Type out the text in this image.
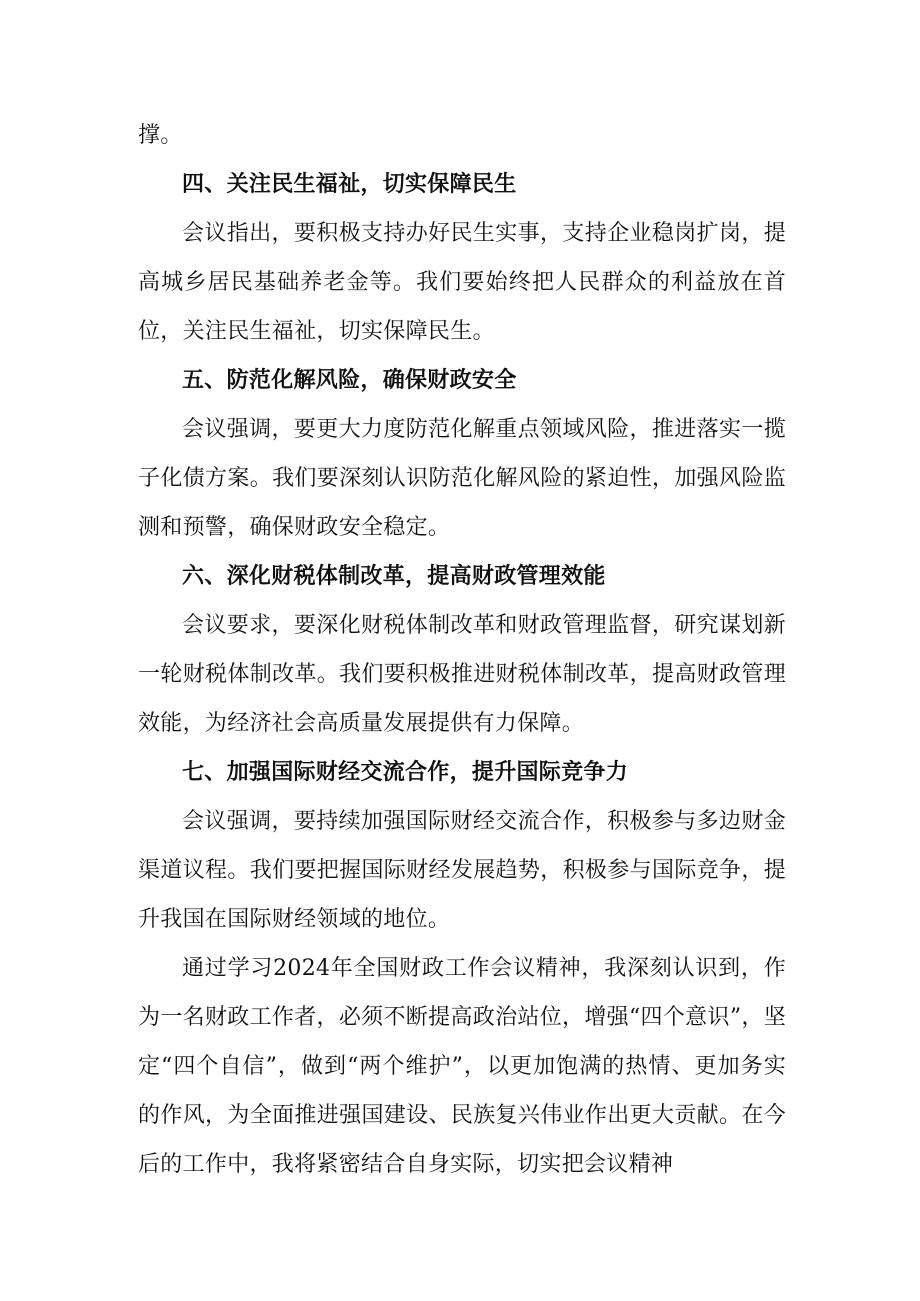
撑。

四、关注民生福祉，切实保障民生

会议指出，要积极支持办好民生实事，支持企业稳岗扩岗，提高城乡居民基础养老金等。我们要始终把人民群众的利益放在首位，关注民生福祉，切实保障民生。

五、防范化解风险，确保财政安全

会议强调，要更大力度防范化解重点领域风险，推进落实一揽子化债方案。我们要深刻认识防范化解风险的紧迫性，加强风险监测和预警，确保财政安全稳定。

六、深化财税体制改革，提高财政管理效能

会议要求，要深化财税体制改革和财政管理监督，研究谋划新一轮财税体制改革。我们要积极推进财税体制改革，提高财政管理效能，为经济社会高质量发展提供有力保障。

七、加强国际财经交流合作，提升国际竞争力

会议强调，要持续加强国际财经交流合作，积极参与多边财金渠道议程。我们要把握国际财经发展趋势，积极参与国际竞争，提升我国在国际财经领域的地位。

通过学习2024年全国财政工作会议精神，我深刻认识到，作为一名财政工作者，必须不断提高政治站位，增强“四个意识”，坚定“四个自信”，做到“两个维护”，以更加饱满的热情、更加务实的作风，为全面推进强国建设、民族复兴伟业作出更大贡献。在今后的工作中，我将紧密结合自身实际，切实把会议精神
